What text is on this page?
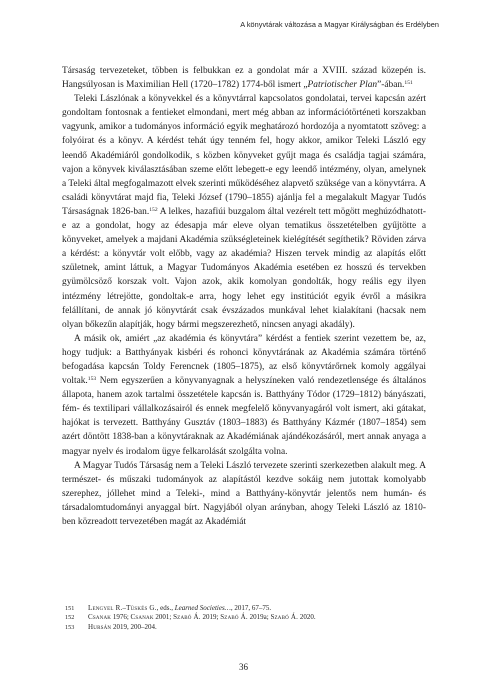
A könyvtárak változása a Magyar Királyságban és Erdélyben

Társaság tervezeteket, többen is felbukkan ez a gondolat már a XVIII. század közepén is. Hangsúlyosan is Maximilian Hell (1720–1782) 1774-ből ismert „Patriotischer Plan”-ában.$^{151}$

Teleki Lászlónak a könyvekkel és a könyvtárral kapcsolatos gondolatai, tervei kapcsán azért gondoltam fontosnak a fentieket elmondani, mert még abban az információtörténeti korszakban vagyunk, amikor a tudományos információ egyik meghatározó hordozója a nyomtatott szöveg: a folyóirat és a könyv. A kérdést tehát úgy tenném fel, hogy akkor, amikor Teleki László egy leendő Akadémiáról gondolkodik, s közben könyveket gyűjt maga és családja tagjai számára, vajon a könyvek kiválasztásában szeme előtt lebegett-e egy leendő intézmény, olyan, amelynek a Teleki által megfogalmazott elvek szerinti működéséhez alapvető szüksége van a könyvtárra. A családi könyvtárat majd fia, Teleki József (1790–1855) ajánlja fel a megalakult Magyar Tudós Társaságnak 1826-ban.$^{152}$ A lelkes, hazafiúi buzgalom által vezérelt tett mögött meghúzódhatott-e az a gondolat, hogy az édesapja már eleve olyan tematikus összetételben gyűjtötte a könyveket, amelyek a majdani Akadémia szükségleteinek kielégítését segíthetik? Röviden zárva a kérdést: a könyvtár volt előbb, vagy az akadémia? Hiszen tervek mindig az alapítás előtt születnek, amint láttuk, a Magyar Tudományos Akadémia esetében ez hosszú és tervekben gyümölcsöző korszak volt. Vajon azok, akik komolyan gondolták, hogy reális egy ilyen intézmény létrejötte, gondoltak-e arra, hogy lehet egy institúciót egyik évről a másikra felállítani, de annak jó könyvtárát csak évszázados munkával lehet kialakítani (hacsak nem olyan bőkezűn alapítják, hogy bármi megszerezhető, nincsen anyagi akadály).

A másik ok, amiért „az akadémia és könyvtára” kérdést a fentiek szerint vezettem be, az, hogy tudjuk: a Batthyányak kisbéri és rohonci könyvtárának az Akadémia számára történő befogadása kapcsán Toldy Ferencnek (1805–1875), az első könyvtárőrnek komoly aggályai voltak.$^{153}$ Nem egyszerűen a könyvanyagnak a helyszíneken való rendezetlensége és általános állapota, hanem azok tartalmi összetétele kapcsán is. Batthyány Tódor (1729–1812) bányászati, fém- és textilipari vállalkozásairól és ennek megfelelő könyvanyagáról volt ismert, aki gátakat, hajókat is tervezett. Batthyány Gusztáv (1803–1883) és Batthyány Kázmér (1807–1854) sem azért döntött 1838-ban a könyvtáraknak az Akadémiának ajándékozásáról, mert annak anyaga a magyar nyelv és irodalom ügye felkarolását szolgálta volna.

A Magyar Tudós Társaság nem a Teleki László tervezete szerinti szerkezetben alakult meg. A természet- és műszaki tudományok az alapítástól kezdve sokáig nem jutottak komolyabb szerephez, jóllehet mind a Teleki-, mind a Batthyány-könyvtár jelentős nem humán- és társadalomtudományi anyaggal bírt. Nagyjából olyan arányban, ahogy Teleki László az 1810-ben közreadott tervezetében magát az Akadémiát

151	Lengyel R.–Tüskés G., eds., Learned Societies…, 2017, 67–75.
152	Csanak 1976; Csanak 2001; Szabó Á. 2019; Szabó Á. 2019a; Szabó Á. 2020.
153	Hursán 2019, 200–204.
36
